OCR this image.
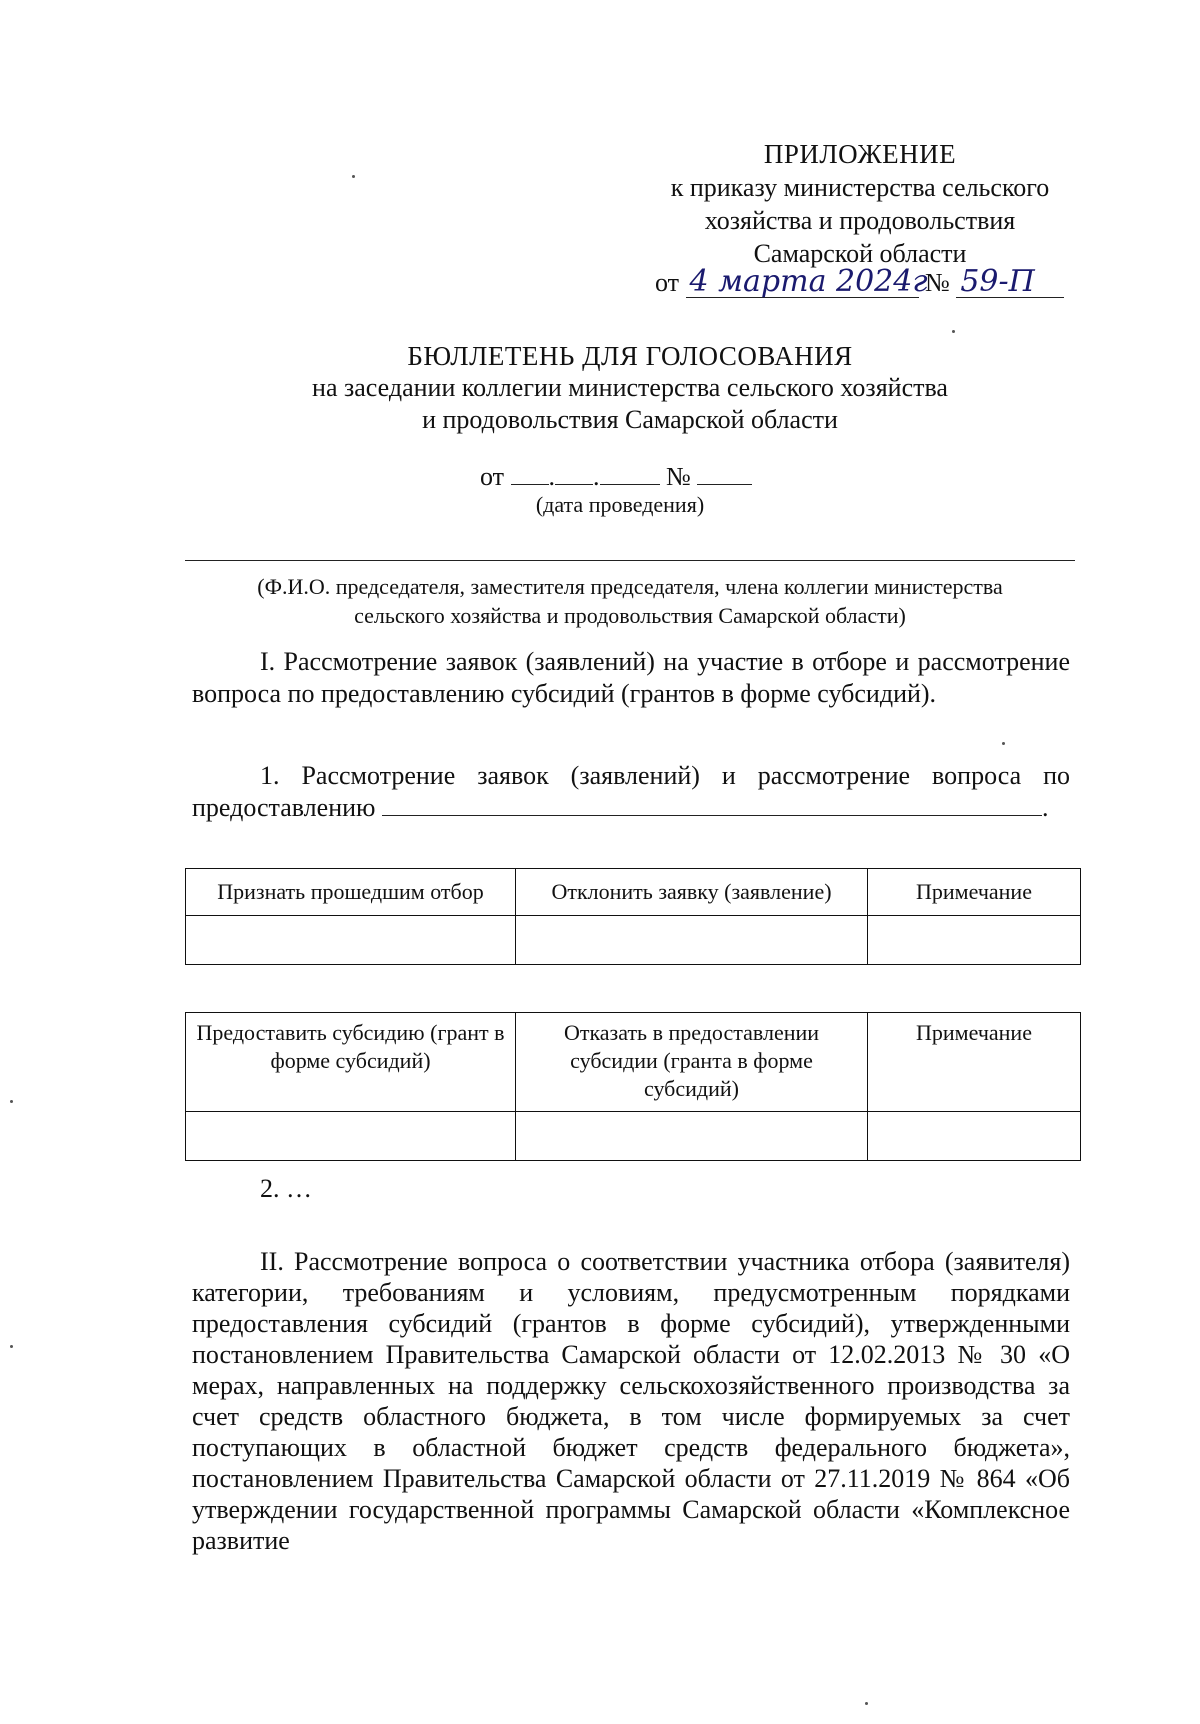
ПРИЛОЖЕНИЕ
к приказу министерства сельского
хозяйства и продовольствия
Самарской области
от 4 марта 2024г № 59-П
БЮЛЛЕТЕНЬ ДЛЯ ГОЛОСОВАНИЯ
на заседании коллегии министерства сельского хозяйства
и продовольствия Самарской области
от . .	№
(дата проведения)
(Ф.И.О. председателя, заместителя председателя, члена коллегии министерства
сельского хозяйства и продовольствия Самарской области)
I. Рассмотрение заявок (заявлений) на участие в отборе и рассмотрение вопроса по предоставлению субсидий (грантов в форме субсидий).
1. Рассмотрение заявок (заявлений) и рассмотрение вопроса по предоставлению	.
Признать прошедшим отбор	Отклонить заявку (заявление)	Примечание

Предоставить субсидию (грант в форме субсидий)	Отказать в предоставлении субсидии (гранта в форме субсидий)	Примечание

2. …
II. Рассмотрение вопроса о соответствии участника отбора (заявителя) категории, требованиям и условиям, предусмотренным порядками предоставления субсидий (грантов в форме субсидий), утвержденными постановлением Правительства Самарской области от 12.02.2013 № 30 «О мерах, направленных на поддержку сельскохозяйственного производства за счет средств областного бюджета, в том числе формируемых за счет поступающих в областной бюджет средств федерального бюджета», постановлением Правительства Самарской области от 27.11.2019 № 864 «Об утверждении государственной программы Самарской области «Комплексное развитие
